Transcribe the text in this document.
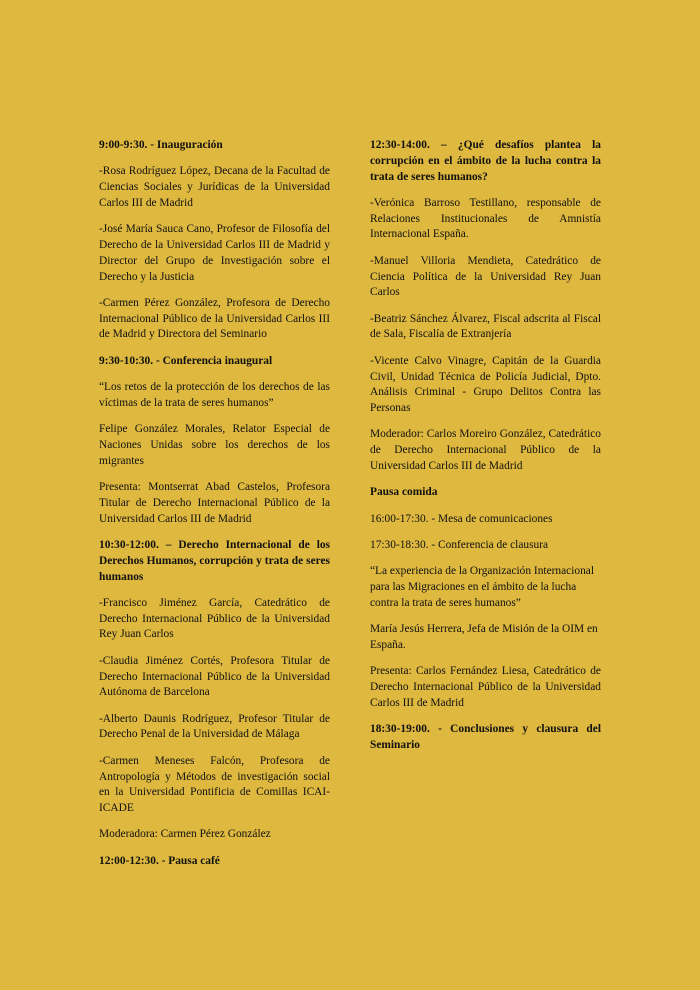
9:00-9:30. - Inauguración

-Rosa Rodríguez López, Decana de la Facultad de Ciencias Sociales y Jurídicas de la Universidad Carlos III de Madrid

-José María Sauca Cano, Profesor de Filosofía del Derecho de la Universidad Carlos III de Madrid y Director del Grupo de Investigación sobre el Derecho y la Justicia

-Carmen Pérez González, Profesora de Derecho Internacional Público de la Universidad Carlos III de Madrid y Directora del Seminario

9:30-10:30. - Conferencia inaugural

“Los retos de la protección de los derechos de las víctimas de la trata de seres humanos”

Felipe González Morales, Relator Especial de Naciones Unidas sobre los derechos de los migrantes

Presenta: Montserrat Abad Castelos, Profesora Titular de Derecho Internacional Público de la Universidad Carlos III de Madrid

10:30-12:00. – Derecho Internacional de los Derechos Humanos, corrupción y trata de seres humanos

-Francisco Jiménez García, Catedrático de Derecho Internacional Público de la Universidad Rey Juan Carlos

-Claudia Jiménez Cortés, Profesora Titular de Derecho Internacional Público de la Universidad Autónoma de Barcelona

-Alberto Daunis Rodríguez, Profesor Titular de Derecho Penal de la Universidad de Málaga

-Carmen Meneses Falcón, Profesora de Antropología y Métodos de investigación social en la Universidad Pontificia de Comillas ICAI-ICADE

Moderadora: Carmen Pérez González

12:00-12:30. - Pausa café

12:30-14:00. – ¿Qué desafíos plantea la corrupción en el ámbito de la lucha contra la trata de seres humanos?

-Verónica Barroso Testillano, responsable de Relaciones Institucionales de Amnistía Internacional España.

-Manuel Villoria Mendieta, Catedrático de Ciencia Política de la Universidad Rey Juan Carlos

-Beatriz Sánchez Álvarez, Fiscal adscrita al Fiscal de Sala, Fiscalía de Extranjería

-Vicente Calvo Vinagre, Capitán de la Guardia Civil, Unidad Técnica de Policía Judicial, Dpto. Análisis Criminal - Grupo Delitos Contra las Personas

Moderador: Carlos Moreiro González, Catedrático de Derecho Internacional Público de la Universidad Carlos III de Madrid

Pausa comida

16:00-17:30. - Mesa de comunicaciones

17:30-18:30. - Conferencia de clausura

“La experiencia de la Organización Internacional para las Migraciones en el ámbito de la lucha contra la trata de seres humanos”

María Jesús Herrera, Jefa de Misión de la OIM en España.

Presenta: Carlos Fernández Liesa, Catedrático de Derecho Internacional Público de la Universidad Carlos III de Madrid

18:30-19:00. - Conclusiones y clausura del Seminario
